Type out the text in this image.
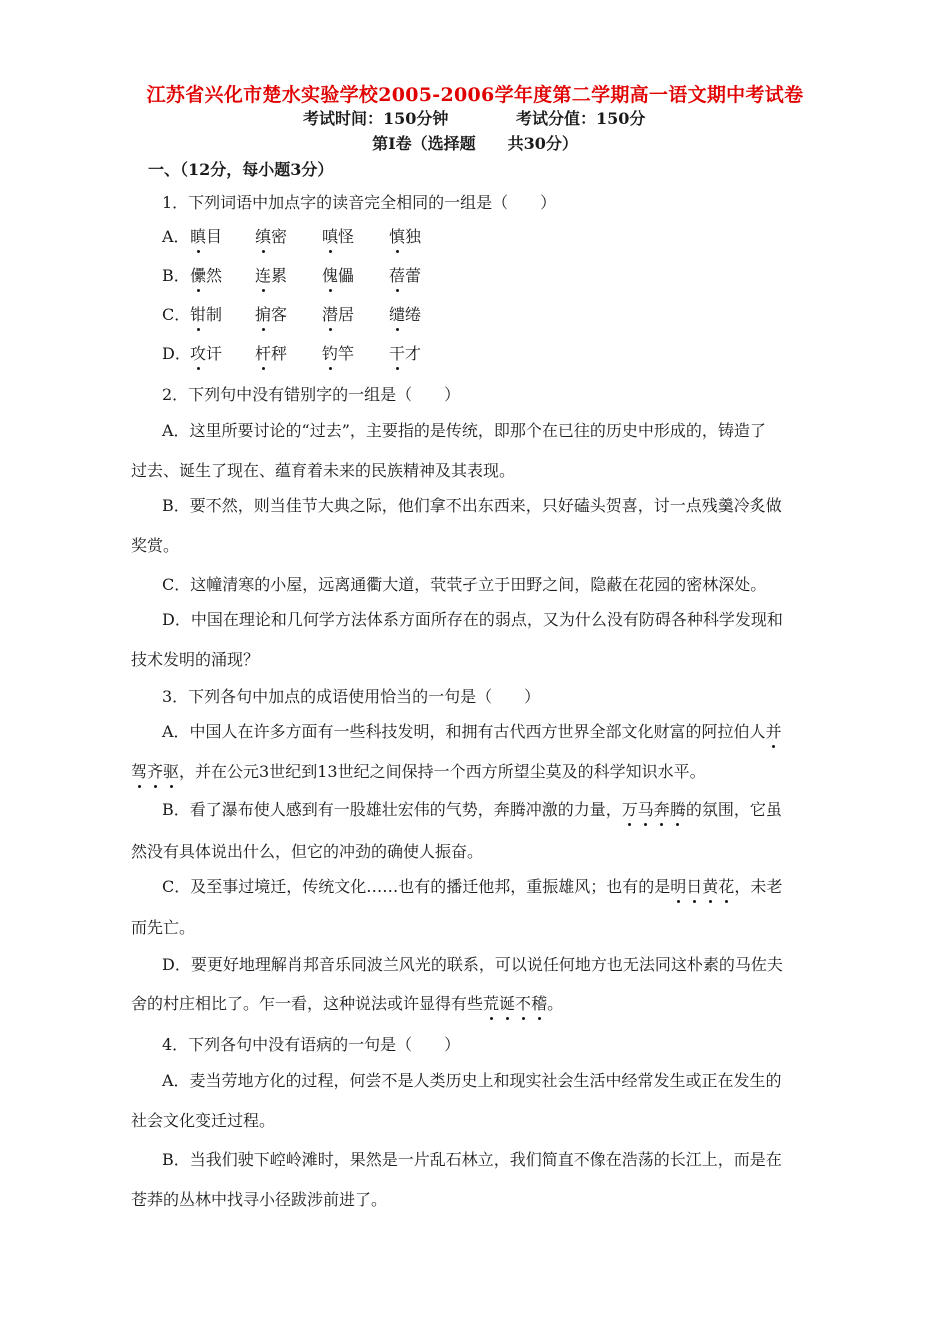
江苏省兴化市楚水实验学校2005-2006学年度第二学期高一语文期中考试卷
考试时间：150分钟	考试分值：150分
第Ⅰ卷（选择题　　共30分）
一、（12分，每小题3分）
1．下列词语中加点字的读音完全相同的一组是（　　）
A． 瞋目 缜密 嗔怪 慎独
B． 儽然 连累 傀儡 蓓蕾
C． 钳制 掮客 潜居 缱绻
D． 攻讦 杆秤 钓竿 干才
2．下列句中没有错别字的一组是（　　）
A．这里所要讨论的“过去”，主要指的是传统，即那个在已往的历史中形成的，铸造了
过去、诞生了现在、蕴育着未来的民族精神及其表现。
B．要不然，则当佳节大典之际，他们拿不出东西来，只好磕头贺喜，讨一点残羹冷炙做
奖赏。
C．这幢清寒的小屋，远离通衢大道，茕茕孑立于田野之间，隐蔽在花园的密林深处。
D．中国在理论和几何学方法体系方面所存在的弱点，又为什么没有防碍各种科学发现和
技术发明的涌现？
3．下列各句中加点的成语使用恰当的一句是（　　）
A．中国人在许多方面有一些科技发明，和拥有古代西方世界全部文化财富的阿拉伯人并
驾齐驱，并在公元3世纪到13世纪之间保持一个西方所望尘莫及的科学知识水平。
B．看了瀑布使人感到有一股雄壮宏伟的气势，奔腾冲激的力量，万马奔腾的氛围，它虽
然没有具体说出什么，但它的冲劲的确使人振奋。
C．及至事过境迁，传统文化……也有的播迁他邦，重振雄风；也有的是明日黄花，未老
而先亡。
D．要更好地理解肖邦音乐同波兰风光的联系，可以说任何地方也无法同这朴素的马佐夫
舍的村庄相比了。乍一看，这种说法或许显得有些荒诞不稽。
4．下列各句中没有语病的一句是（　　）
A．麦当劳地方化的过程，何尝不是人类历史上和现实社会生活中经常发生或正在发生的
社会文化变迁过程。
B．当我们驶下崆岭滩时，果然是一片乱石林立，我们简直不像在浩荡的长江上，而是在
苍莽的丛林中找寻小径跋涉前进了。
